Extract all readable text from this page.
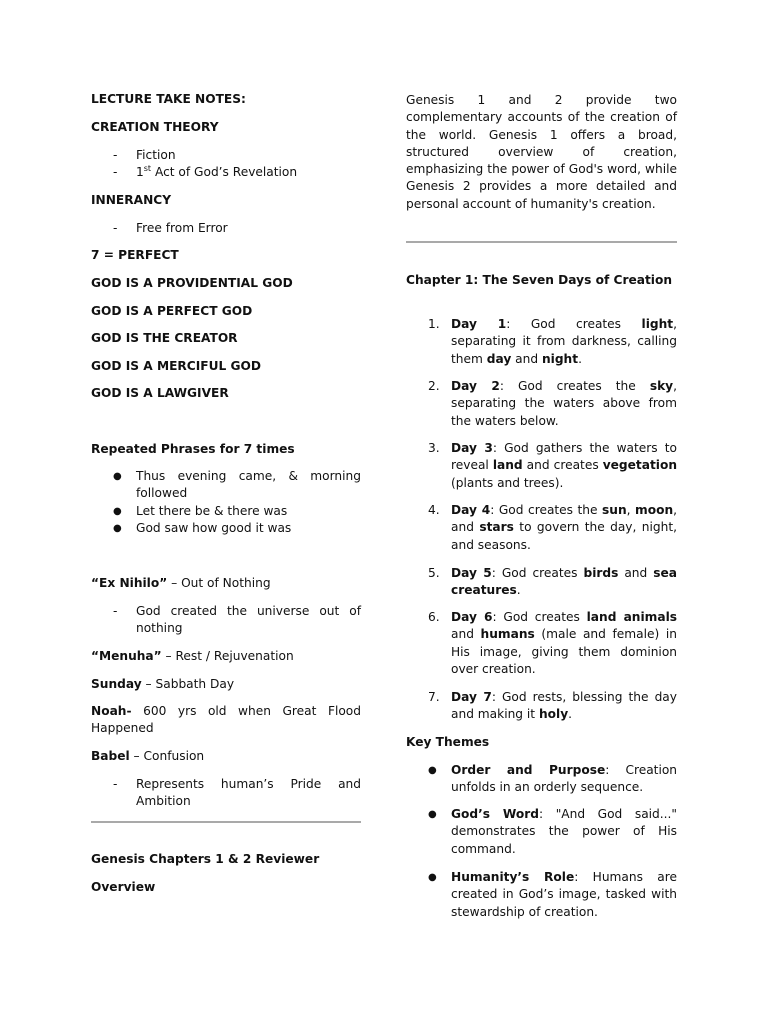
LECTURE TAKE NOTES:
CREATION THEORY
- Fiction
- 1st Act of God’s Revelation
INNERANCY
- Free from Error
7 = PERFECT
GOD IS A PROVIDENTIAL GOD
GOD IS A PERFECT GOD
GOD IS THE CREATOR
GOD IS A MERCIFUL GOD
GOD IS A LAWGIVER
Repeated Phrases for 7 times
● Thus evening came, & morning followed
● Let there be & there was
● God saw how good it was
“Ex Nihilo” – Out of Nothing
- God created the universe out of nothing
“Menuha” – Rest / Rejuvenation
Sunday – Sabbath Day
Noah- 600 yrs old when Great Flood Happened
Babel – Confusion
- Represents human’s Pride and Ambition
Genesis Chapters 1 & 2 Reviewer
Overview
Genesis 1 and 2 provide two complementary accounts of the creation of the world. Genesis 1 offers a broad, structured overview of creation, emphasizing the power of God's word, while Genesis 2 provides a more detailed and personal account of humanity's creation.
Chapter 1: The Seven Days of Creation
1. Day 1: God creates light, separating it from darkness, calling them day and night.
2. Day 2: God creates the sky, separating the waters above from the waters below.
3. Day 3: God gathers the waters to reveal land and creates vegetation (plants and trees).
4. Day 4: God creates the sun, moon, and stars to govern the day, night, and seasons.
5. Day 5: God creates birds and sea creatures.
6. Day 6: God creates land animals and humans (male and female) in His image, giving them dominion over creation.
7. Day 7: God rests, blessing the day and making it holy.
Key Themes
● Order and Purpose: Creation unfolds in an orderly sequence.
● God’s Word: "And God said..." demonstrates the power of His command.
● Humanity’s Role: Humans are created in God’s image, tasked with stewardship of creation.
